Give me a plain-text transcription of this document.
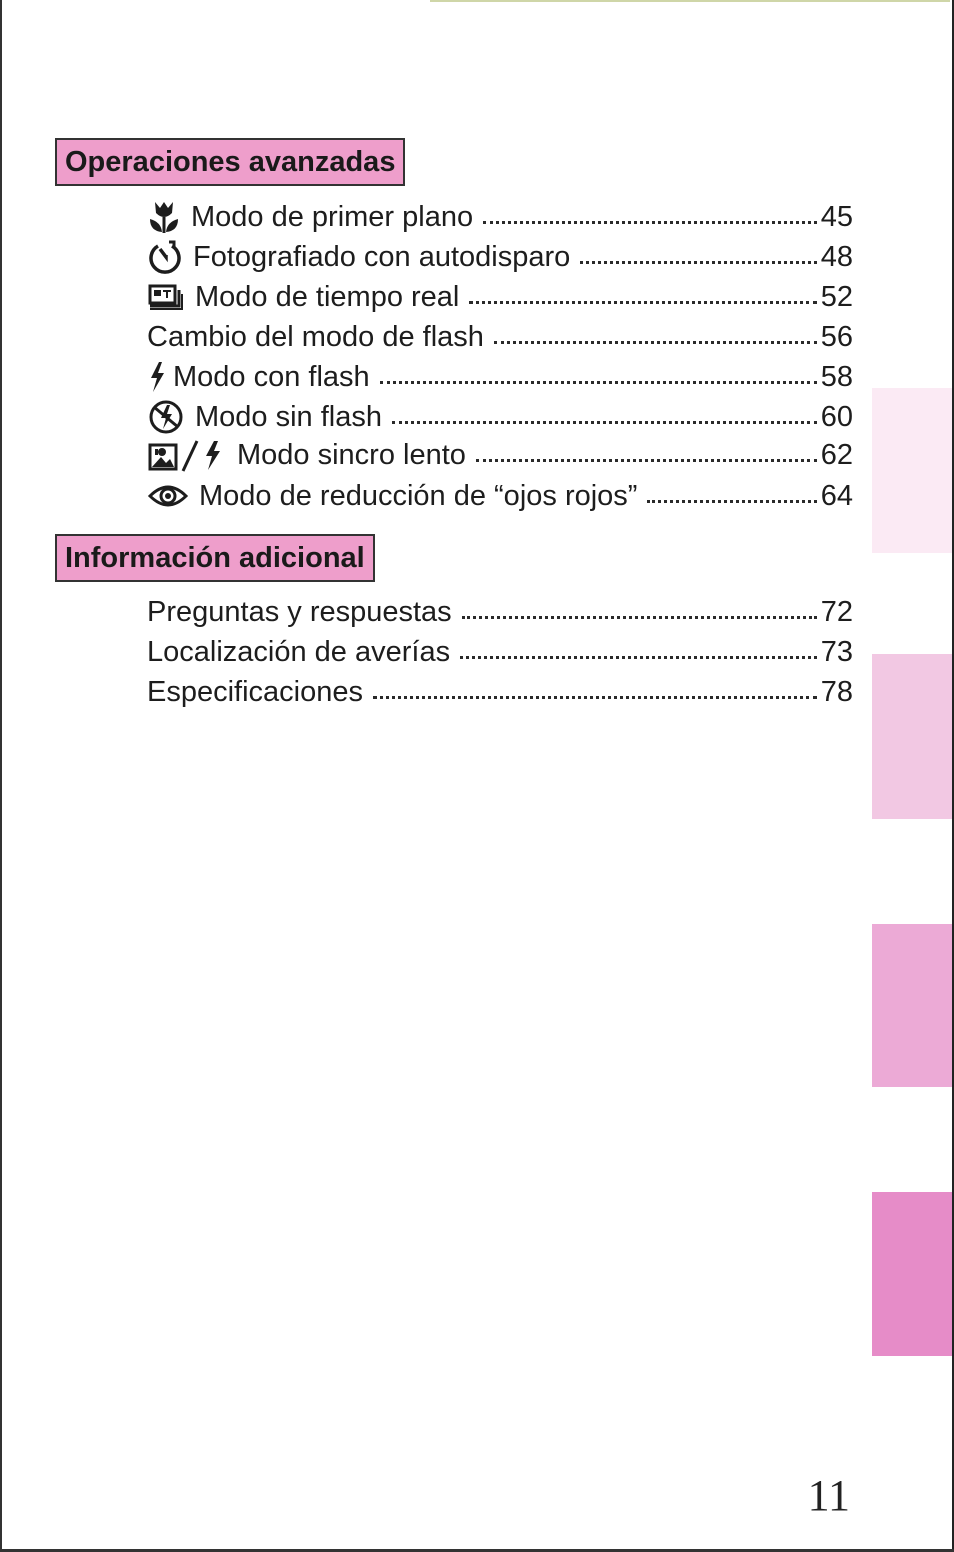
Operaciones avanzadas
Modo de primer plano	45
Fotografiado con autodisparo	48
Modo de tiempo real	52
Cambio del modo de flash	56
Modo con flash	58
Modo sin flash	60
Modo sincro lento	62
Modo de reducción de “ojos rojos”	64
Información adicional
Preguntas y respuestas	72
Localización de averías	73
Especificaciones	78
11
